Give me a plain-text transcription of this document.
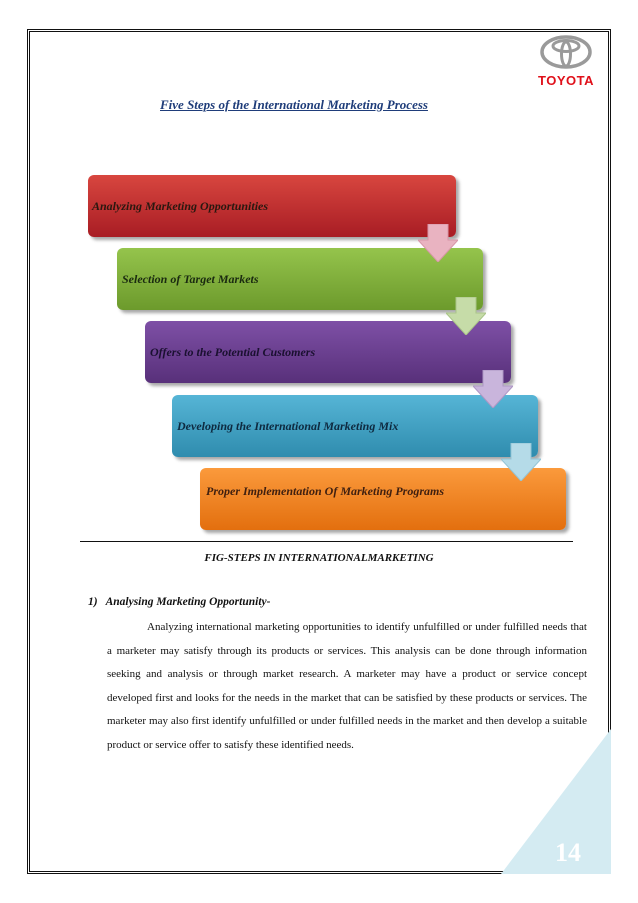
14
TOYOTA
Five Steps of the International Marketing Process
Analyzing Marketing Opportunities
Selection of Target Markets
Offers to the Potential Customers
Developing the International Marketing Mix
Proper Implementation Of Marketing Programs
FIG-STEPS IN INTERNATIONALMARKETING
1) Analysing Marketing Opportunity-
Analyzing international marketing opportunities to identify unfulfilled or under fulfilled needs that a marketer may satisfy through its products or services. This analysis can be done through information seeking and analysis or through market research. A marketer may have a product or service concept developed first and looks for the needs in the market that can be satisfied by these products or services. The marketer may also first identify unfulfilled or under fulfilled needs in the market and then develop a suitable product or service offer to satisfy these identified needs.
